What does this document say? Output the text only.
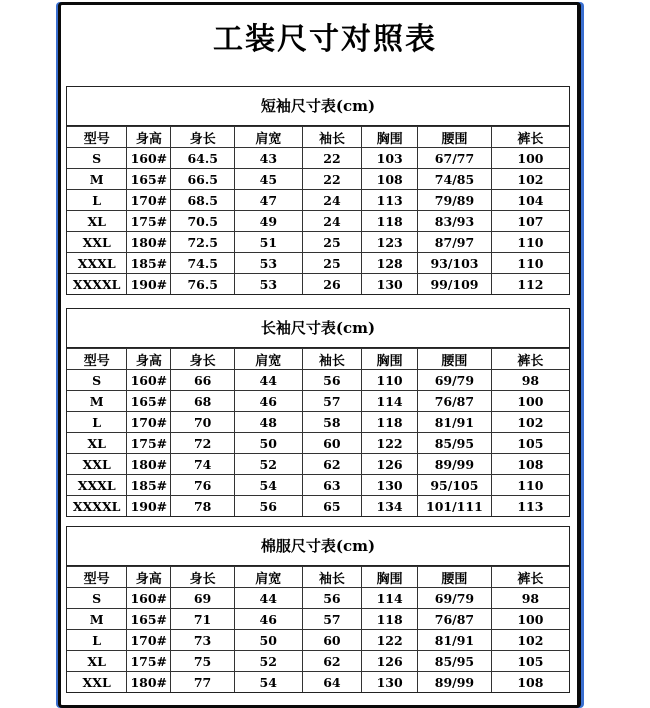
工装尺寸对照表
短袖尺寸表(cm)
型号	身高	身长	肩宽	袖长	胸围	腰围	裤长
S	160#	64.5	43	22	103	67/77	100
M	165#	66.5	45	22	108	74/85	102
L	170#	68.5	47	24	113	79/89	104
XL	175#	70.5	49	24	118	83/93	107
XXL	180#	72.5	51	25	123	87/97	110
XXXL	185#	74.5	53	25	128	93/103	110
XXXXL	190#	76.5	53	26	130	99/109	112
长袖尺寸表(cm)
型号	身高	身长	肩宽	袖长	胸围	腰围	裤长
S	160#	66	44	56	110	69/79	98
M	165#	68	46	57	114	76/87	100
L	170#	70	48	58	118	81/91	102
XL	175#	72	50	60	122	85/95	105
XXL	180#	74	52	62	126	89/99	108
XXXL	185#	76	54	63	130	95/105	110
XXXXL	190#	78	56	65	134	101/111	113
棉服尺寸表(cm)
型号	身高	身长	肩宽	袖长	胸围	腰围	裤长
S	160#	69	44	56	114	69/79	98
M	165#	71	46	57	118	76/87	100
L	170#	73	50	60	122	81/91	102
XL	175#	75	52	62	126	85/95	105
XXL	180#	77	54	64	130	89/99	108
